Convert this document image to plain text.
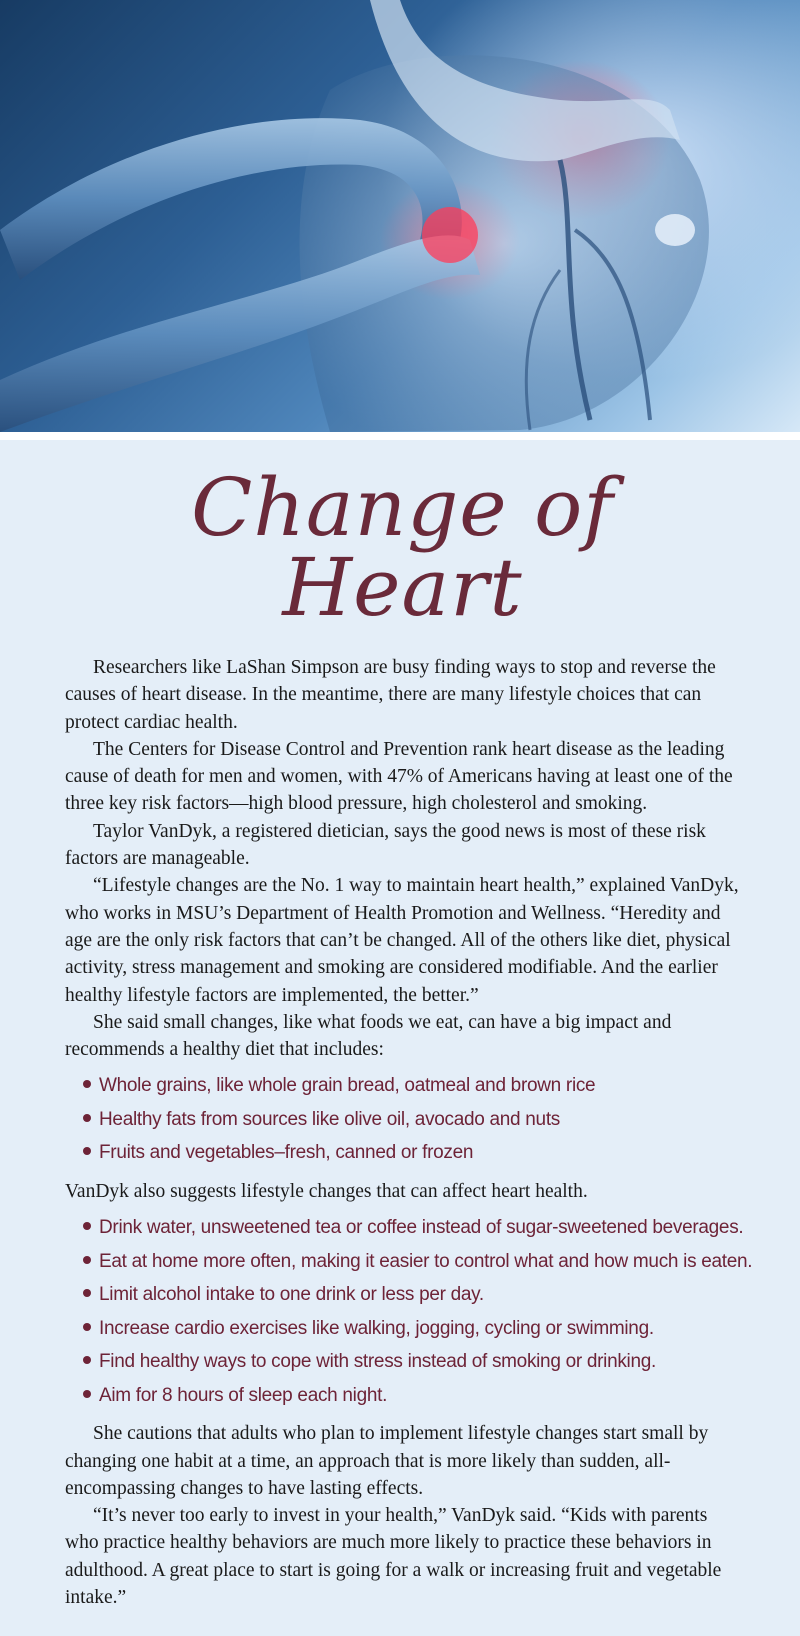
Change of Heart

Researchers like LaShan Simpson are busy finding ways to stop and reverse the causes of heart disease. In the meantime, there are many lifestyle choices that can protect cardiac health.

The Centers for Disease Control and Prevention rank heart disease as the leading cause of death for men and women, with 47% of Americans having at least one of the three key risk factors—high blood pressure, high cholesterol and smoking.

Taylor VanDyk, a registered dietician, says the good news is most of these risk factors are manageable.

“Lifestyle changes are the No. 1 way to maintain heart health,” explained VanDyk, who works in MSU’s Department of Health Promotion and Wellness. “Heredity and age are the only risk factors that can’t be changed. All of the others like diet, physical activity, stress management and smoking are considered modifiable. And the earlier healthy lifestyle factors are implemented, the better.”

She said small changes, like what foods we eat, can have a big impact and recommends a healthy diet that includes:

Whole grains, like whole grain bread, oatmeal and brown rice
Healthy fats from sources like olive oil, avocado and nuts
Fruits and vegetables–fresh, canned or frozen

VanDyk also suggests lifestyle changes that can affect heart health.

Drink water, unsweetened tea or coffee instead of sugar-sweetened beverages.
Eat at home more often, making it easier to control what and how much is eaten.
Limit alcohol intake to one drink or less per day.
Increase cardio exercises like walking, jogging, cycling or swimming.
Find healthy ways to cope with stress instead of smoking or drinking.
Aim for 8 hours of sleep each night.

She cautions that adults who plan to implement lifestyle changes start small by changing one habit at a time, an approach that is more likely than sudden, all-encompassing changes to have lasting effects.

“It’s never too early to invest in your health,” VanDyk said. “Kids with parents who practice healthy behaviors are much more likely to practice these behaviors in adulthood. A great place to start is going for a walk or increasing fruit and vegetable intake.”
